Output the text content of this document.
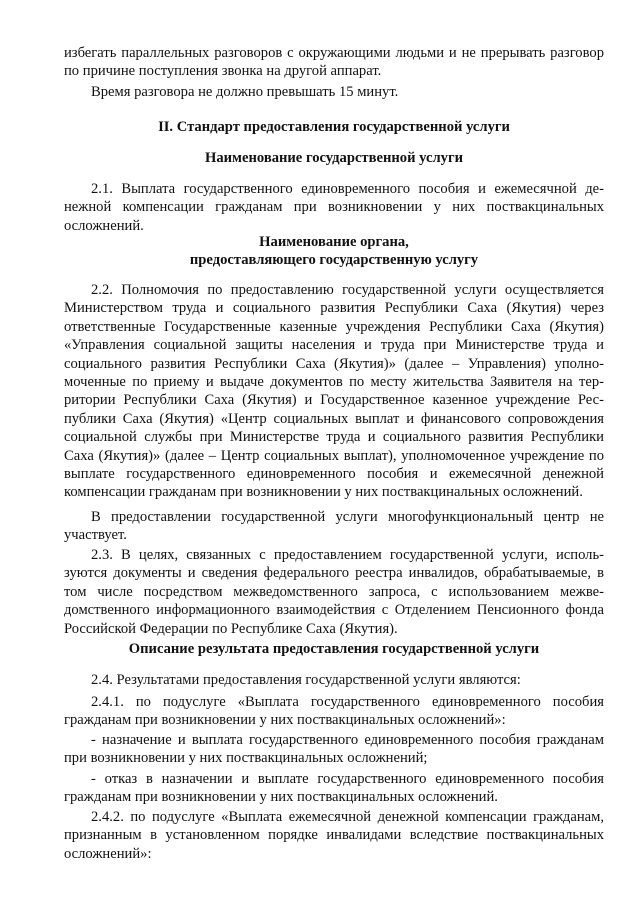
избегать параллельных разговоров с окружающими людьми и не прерывать разговор по причине поступления звонка на другой аппарат.

Время разговора не должно превышать 15 минут.

II. Стандарт предоставления государственной услуги
Наименование государственной услуги

2.1. Выплата государственного единовременного пособия и ежемесячной денежной компенсации гражданам при возникновении у них поствакцинальных осложнений.

Наименование органа,
предоставляющего государственную услугу

2.2. Полномочия по предоставлению государственной услуги осуществляется Министерством труда и социального развития Республики Саха (Якутия) через ответственные Государственные казенные учреждения Республики Саха (Якутия) «Управления социальной защиты населения и труда при Министерстве труда и социального развития Республики Саха (Якутия)» (далее – Управления) уполномоченные по приему и выдаче документов по месту жительства Заявителя на территории Республики Саха (Якутия) и Государственное казенное учреждение Республики Саха (Якутия) «Центр социальных выплат и финансового сопровождения социальной службы при Министерстве труда и социального развития Республики Саха (Якутия)» (далее – Центр социальных выплат), уполномоченное учреждение по выплате государственного единовременного пособия и ежемесячной денежной компенсации гражданам при возникновении у них поствакцинальных осложнений.

В предоставлении государственной услуги многофункциональный центр не участвует.

2.3. В целях, связанных с предоставлением государственной услуги, используются документы и сведения федерального реестра инвалидов, обрабатываемые, в том числе посредством межведомственного запроса, с использованием межведомственного информационного взаимодействия с Отделением Пенсионного фонда Российской Федерации по Республике Саха (Якутия).

Описание результата предоставления государственной услуги

2.4. Результатами предоставления государственной услуги являются:

2.4.1. по подуслуге «Выплата государственного единовременного пособия гражданам при возникновении у них поствакцинальных осложнений»:

- назначение и выплата государственного единовременного пособия гражданам при возникновении у них поствакцинальных осложнений;

- отказ в назначении и выплате государственного единовременного пособия гражданам при возникновении у них поствакцинальных осложнений.

2.4.2. по подуслуге «Выплата ежемесячной денежной компенсации гражданам, признанным в установленном порядке инвалидами вследствие поствакцинальных осложнений»:
